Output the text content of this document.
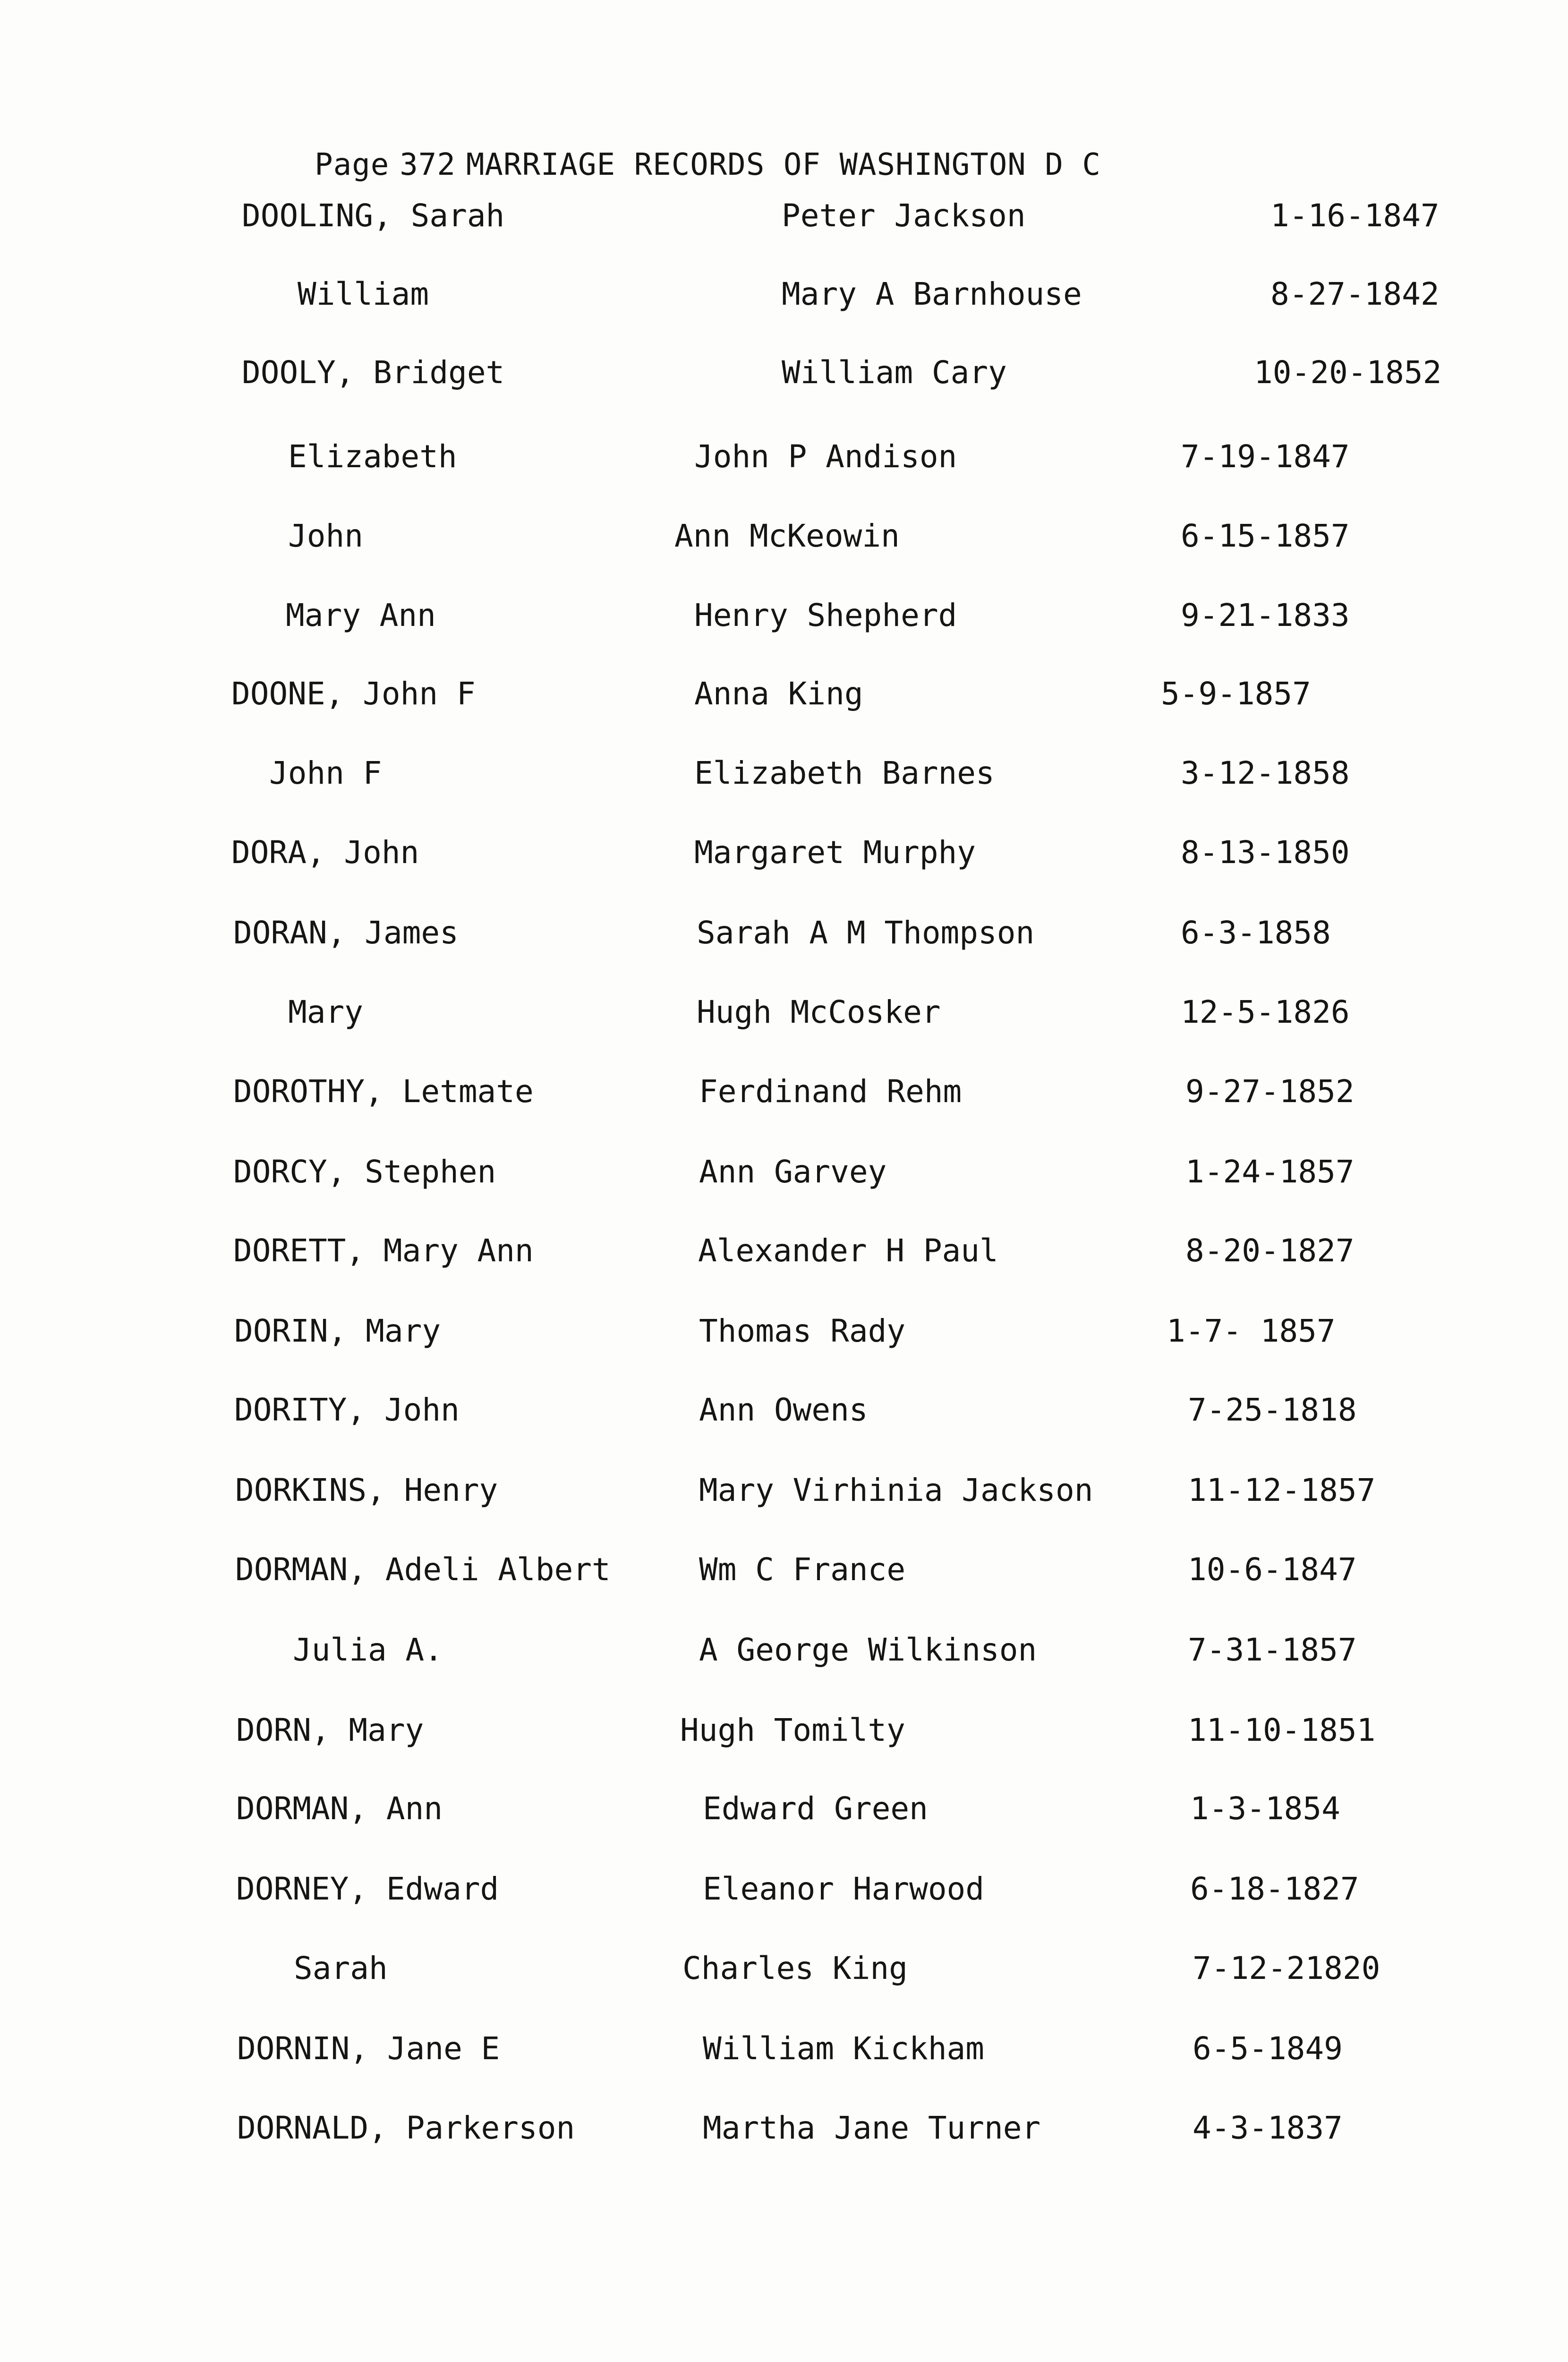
Page 372 MARRIAGE RECORDS OF WASHINGTON D C

DOOLING, Sarah	Peter Jackson	1-16-1847
William	Mary A Barnhouse	8-27-1842
DOOLY, Bridget	William Cary	10-20-1852
Elizabeth	John P Andison	7-19-1847
John	Ann McKeowin	6-15-1857
Mary Ann	Henry Shepherd	9-21-1833
DOONE, John F	Anna King	5-9-1857
John F	Elizabeth Barnes	3-12-1858
DORA, John	Margaret Murphy	8-13-1850
DORAN, James	Sarah A M Thompson	6-3-1858
Mary	Hugh McCosker	12-5-1826
DOROTHY, Letmate	Ferdinand Rehm	9-27-1852
DORCY, Stephen	Ann Garvey	1-24-1857
DORETT, Mary Ann	Alexander H Paul	8-20-1827
DORIN, Mary	Thomas Rady	1-7- 1857
DORITY, John	Ann Owens	7-25-1818
DORKINS, Henry	Mary Virhinia Jackson	11-12-1857
DORMAN, Adeli Albert	Wm C France	10-6-1847
Julia A.	A George Wilkinson	7-31-1857
DORN, Mary	Hugh Tomilty	11-10-1851
DORMAN, Ann	Edward Green	1-3-1854
DORNEY, Edward	Eleanor Harwood	6-18-1827
Sarah	Charles King	7-12-21820
DORNIN, Jane E	William Kickham	6-5-1849
DORNALD, Parkerson	Martha Jane Turner	4-3-1837
